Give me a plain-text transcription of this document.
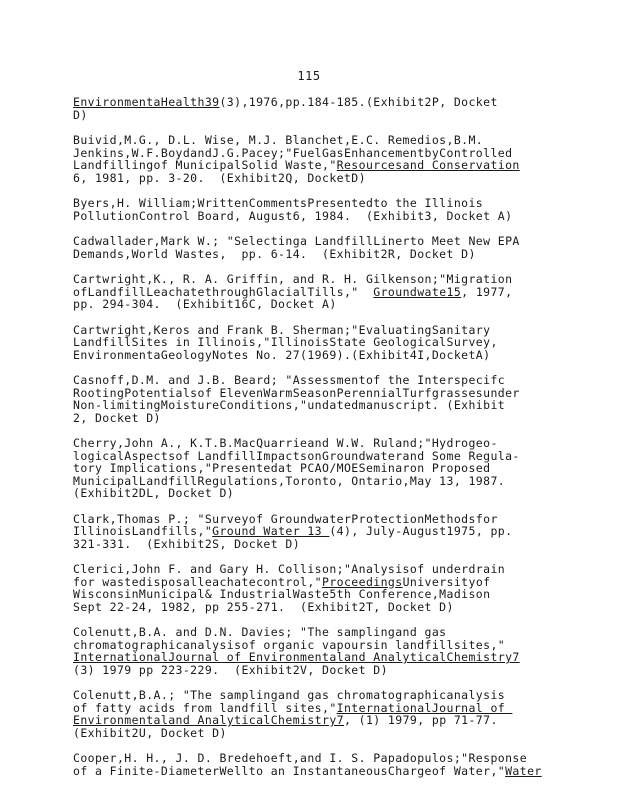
115
EnvironmentaHealth39(3),1976,pp.184-185.(Exhibit2P, Docket
D)
Buivid,M.G., D.L. Wise, M.J. Blanchet,E.C. Remedios,B.M.
Jenkins,W.F.BoydandJ.G.Pacey;"FuelGasEnhancementbyControlled
Landfillingof MunicipalSolid Waste,"Resourcesand Conservation
6, 1981, pp. 3-20.  (Exhibit2Q, DocketD)
Byers,H. William;WrittenCommentsPresentedto the Illinois
PollutionControl Board, August6, 1984.  (Exhibit3, Docket A)
Cadwallader,Mark W.; "Selectinga LandfillLinerto Meet New EPA
Demands,World Wastes,  pp. 6-14.  (Exhibit2R, Docket D)
Cartwright,K., R. A. Griffin, and R. H. Gilkenson;"Migration
ofLandfillLeachatethroughGlacialTills,"  Groundwate15, 1977,
pp. 294-304.  (Exhibit16C, Docket A)
Cartwright,Keros and Frank B. Sherman;"EvaluatingSanitary
LandfillSites in Illinois,"IllinoisState GeologicalSurvey,
EnvironmentaGeologyNotes No. 27(1969).(Exhibit4I,DocketA)
Casnoff,D.M. and J.B. Beard; "Assessmentof the Interspecifc
RootingPotentialsof ElevenWarmSeasonPerennialTurfgrassesunder
Non-limitingMoistureConditions,"undatedmanuscript. (Exhibit
2, Docket D)
Cherry,John A., K.T.B.MacQuarrieand W.W. Ruland;"Hydrogeo-
logicalAspectsof LandfillImpactsonGroundwaterand Some Regula-
tory Implications,"Presentedat PCAO/MOESeminaron Proposed
MunicipalLandfillRegulations,Toronto, Ontario,May 13, 1987.
(Exhibit2DL, Docket D)
Clark,Thomas P.; "Surveyof GroundwaterProtectionMethodsfor
IllinoisLandfills,"Ground Water 13 (4), July-August1975, pp.
321-331.  (Exhibit2S, Docket D)
Clerici,John F. and Gary H. Collison;"Analysisof underdrain
for wastedisposalleachatecontrol,"ProceedingsUniversityof
WisconsinMunicipal& IndustrialWaste5th Conference,Madison
Sept 22-24, 1982, pp 255-271.  (Exhibit2T, Docket D)
Colenutt,B.A. and D.N. Davies; "The samplingand gas
chromatographicanalysisof organic vapoursin landfillsites,"
InternationalJournal of Environmentaland AnalyticalChemistry7
(3) 1979 pp 223-229.  (Exhibit2V, Docket D)
Colenutt,B.A.; "The samplingand gas chromatographicanalysis
of fatty acids from landfill sites,"InternationalJournal of
Environmentaland AnalyticalChemistry7, (1) 1979, pp 71-77.
(Exhibit2U, Docket D)
Cooper,H. H., J. D. Bredehoeft,and I. S. Papadopulos;"Response
of a Finite-DiameterWellto an InstantaneousChargeof Water,"Water
